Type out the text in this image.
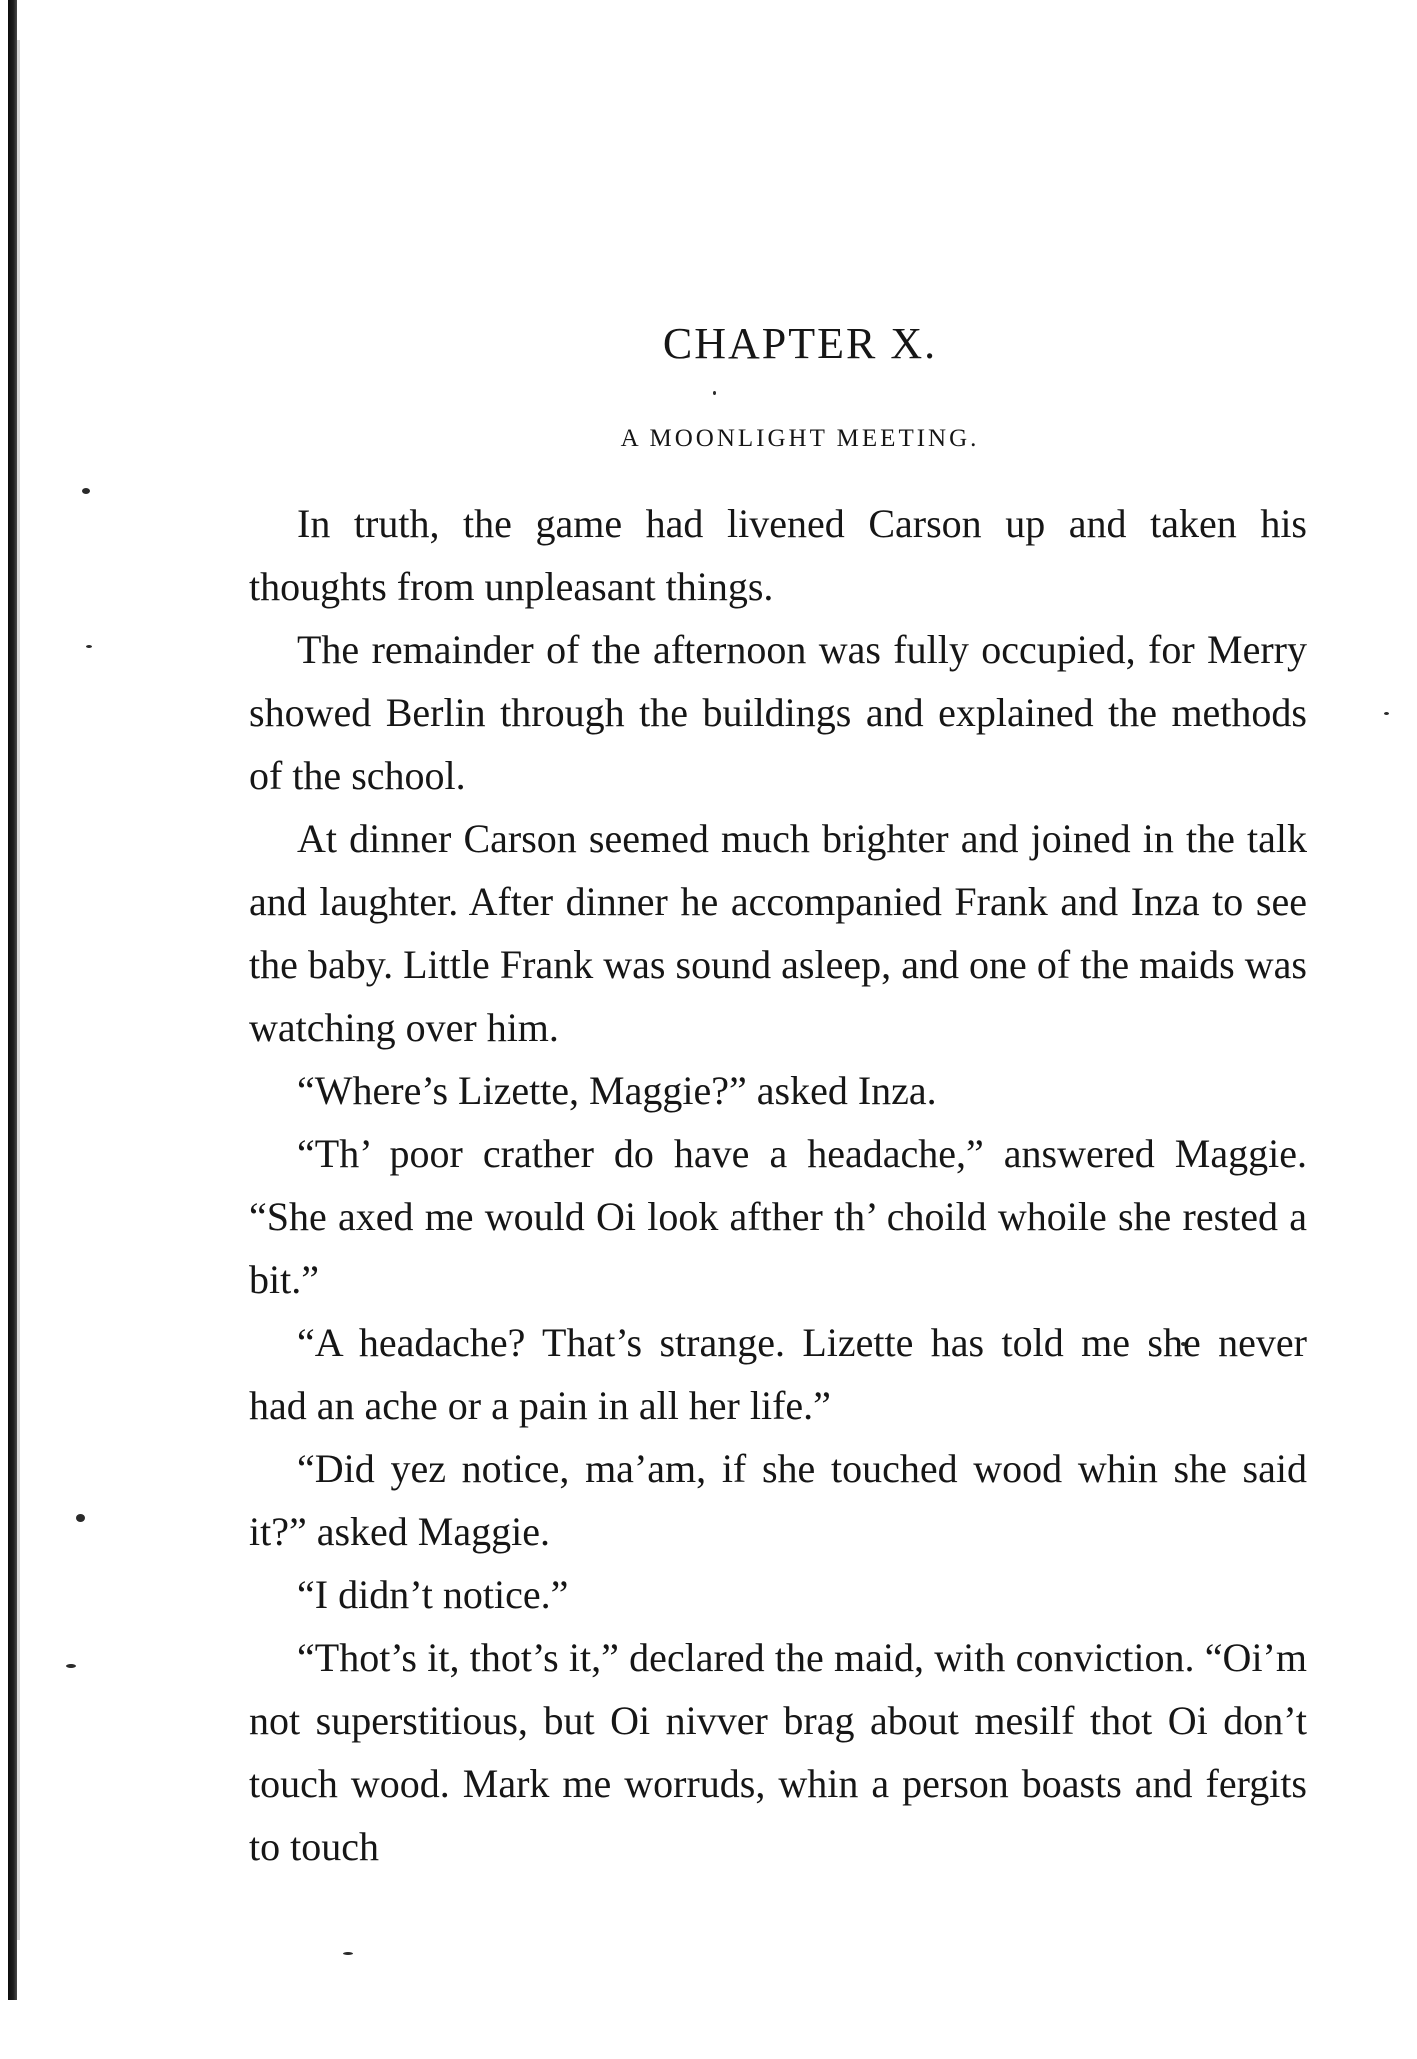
CHAPTER X.
A MOONLIGHT MEETING.

In truth, the game had livened Carson up and taken his thoughts from unpleasant things.

The remainder of the afternoon was fully occupied, for Merry showed Berlin through the buildings and explained the methods of the school.

At dinner Carson seemed much brighter and joined in the talk and laughter. After dinner he accompanied Frank and Inza to see the baby. Little Frank was sound asleep, and one of the maids was watching over him.

“Where’s Lizette, Maggie?” asked Inza.

“Th’ poor crather do have a headache,” answered Maggie. “She axed me would Oi look afther th’ choild whoile she rested a bit.”

“A headache? That’s strange. Lizette has told me she never had an ache or a pain in all her life.”

“Did yez notice, ma’am, if she touched wood whin she said it?” asked Maggie.

“I didn’t notice.”

“Thot’s it, thot’s it,” declared the maid, with conviction. “Oi’m not superstitious, but Oi nivver brag about mesilf thot Oi don’t touch wood. Mark me worruds, whin a person boasts and fergits to touch
